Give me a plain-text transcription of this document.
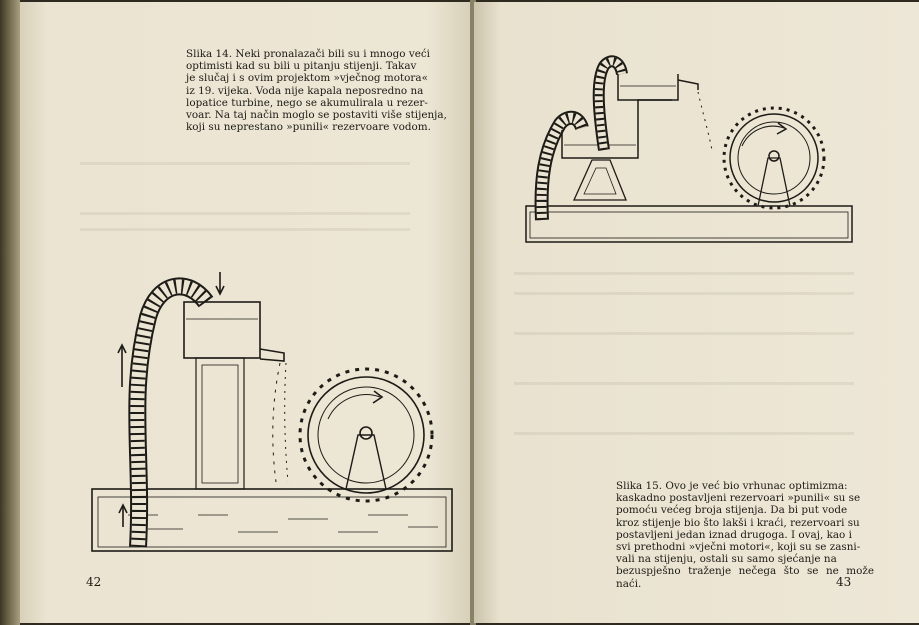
Slika 14. Neki pronalazači bili su i mnogo veći
optimisti kad su bili u pitanju stijenji. Takav
je slučaj i s ovim projektom »vječnog motora«
iz 19. vijeka. Voda nije kapala neposredno na
lopatice turbine, nego se akumulirala u rezer-
voar. Na taj način moglo se postaviti više stijenja,
koji su neprestano »punili« rezervoare vodom.

42

Slika 15. Ovo je već bio vrhunac optimizma:
kaskadno postavljeni rezervoari »punili« su se
pomoću većeg broja stijenja. Da bi put vode
kroz stijenje bio što lakši i kraći, rezervoari su
postavljeni jedan iznad drugoga. I ovaj, kao i
svi prethodni »vječni motori«, koji su se zasni-
vali na stijenju, ostali su samo sjećanje na
bezuspješno traženje nečega što se ne može naći.	43
